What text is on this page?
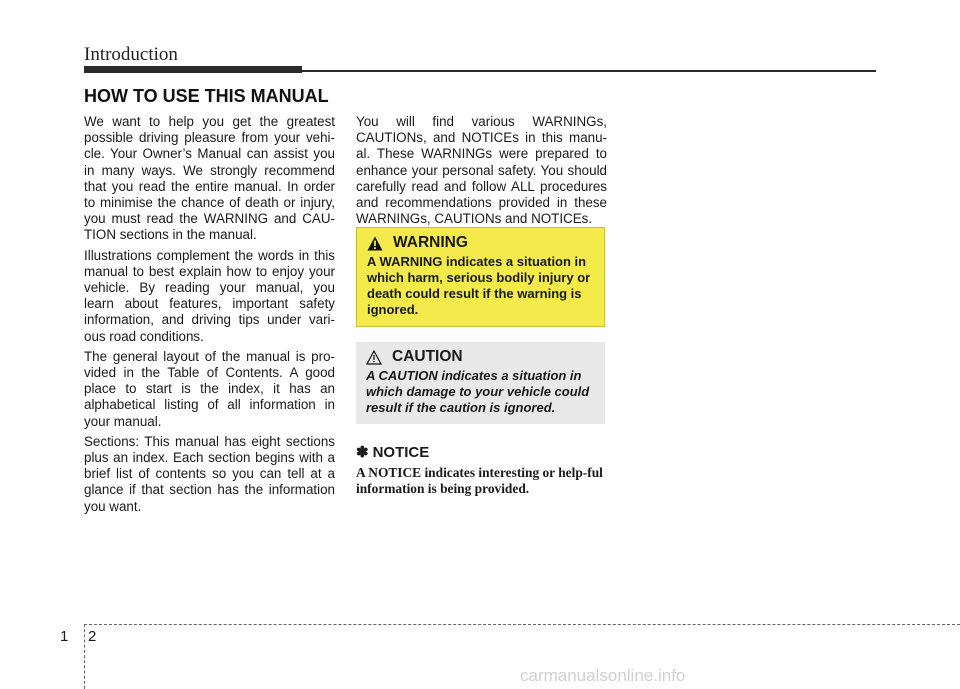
Introduction
HOW TO USE THIS MANUAL

We want to help you get the greatest possible driving pleasure from your vehi-cle. Your Owner’s Manual can assist you in many ways. We strongly recommend that you read the entire manual. In order to minimise the chance of death or injury, you must read the WARNING and CAU-TION sections in the manual.

Illustrations complement the words in this manual to best explain how to enjoy your vehicle. By reading your manual, you learn about features, important safety information, and driving tips under vari-ous road conditions.

The general layout of the manual is pro-vided in the Table of Contents. A good place to start is the index, it has an alphabetical listing of all information in your manual.

Sections: This manual has eight sections plus an index. Each section begins with a brief list of contents so you can tell at a glance if that section has the information you want.

You will find various WARNINGs, CAUTIONs, and NOTICEs in this manu-al. These WARNINGs were prepared to enhance your personal safety. You should carefully read and follow ALL procedures and recommendations provided in these WARNINGs, CAUTIONs and NOTICEs.

WARNING
A WARNING indicates a situation in which harm, serious bodily injury or death could result if the warning is ignored.
CAUTION
A CAUTION indicates a situation in which damage to your vehicle could result if the caution is ignored.
✽ NOTICE
A NOTICE indicates interesting or help-ful information is being provided.
1 2
carmanualsonline.info
